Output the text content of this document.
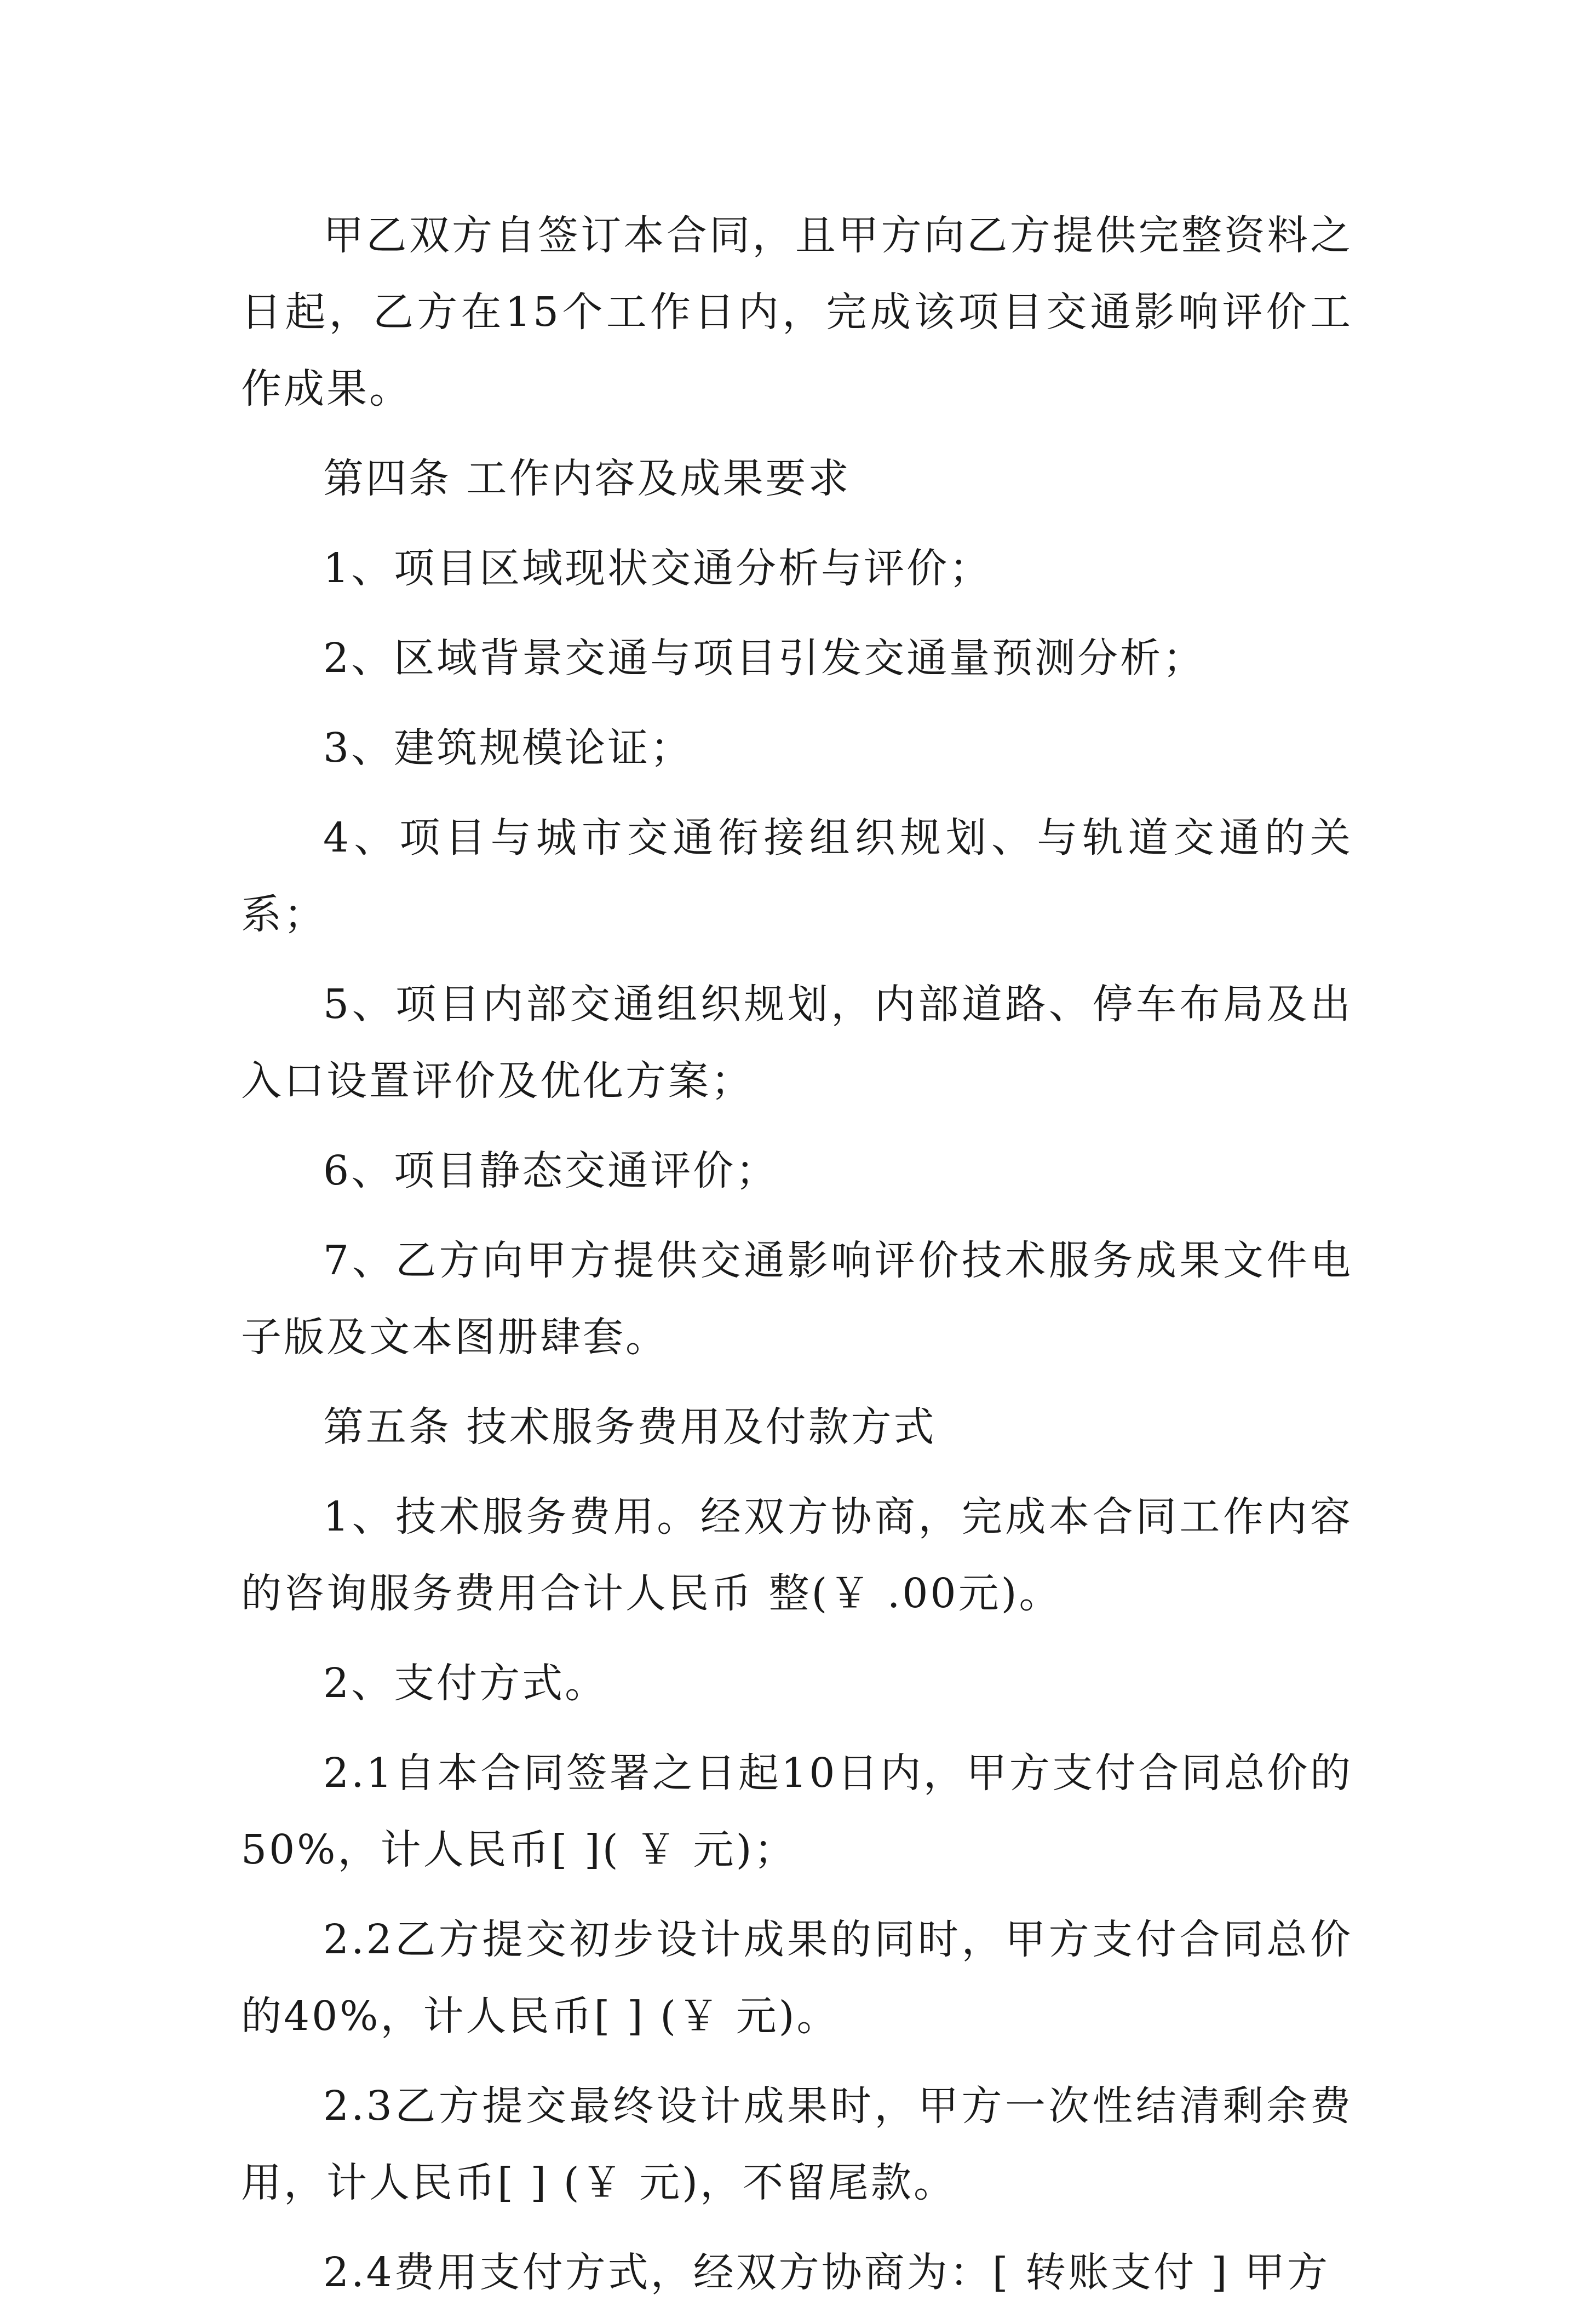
甲乙双方自签订本合同，且甲方向乙方提供完整资料之日起，乙方在15个工作日内，完成该项目交通影响评价工作成果。

第四条 工作内容及成果要求

1、项目区域现状交通分析与评价；

2、区域背景交通与项目引发交通量预测分析；

3、建筑规模论证；

4、项目与城市交通衔接组织规划、与轨道交通的关系；

5、项目内部交通组织规划，内部道路、停车布局及出入口设置评价及优化方案；

6、项目静态交通评价；

7、乙方向甲方提供交通影响评价技术服务成果文件电子版及文本图册肆套。

第五条 技术服务费用及付款方式

1、技术服务费用。经双方协商，完成本合同工作内容的咨询服务费用合计人民币 整(￥ .00元)。

2、支付方式。

2.1自本合同签署之日起10日内，甲方支付合同总价的50%，计人民币[ ]( ￥ 元)；

2.2乙方提交初步设计成果的同时，甲方支付合同总价的40%，计人民币[ ] (￥ 元)。

2.3乙方提交最终设计成果时，甲方一次性结清剩余费用，计人民币[ ] (￥ 元)，不留尾款。

2.4费用支付方式，经双方协商为：[ 转账支付 ] 甲方
